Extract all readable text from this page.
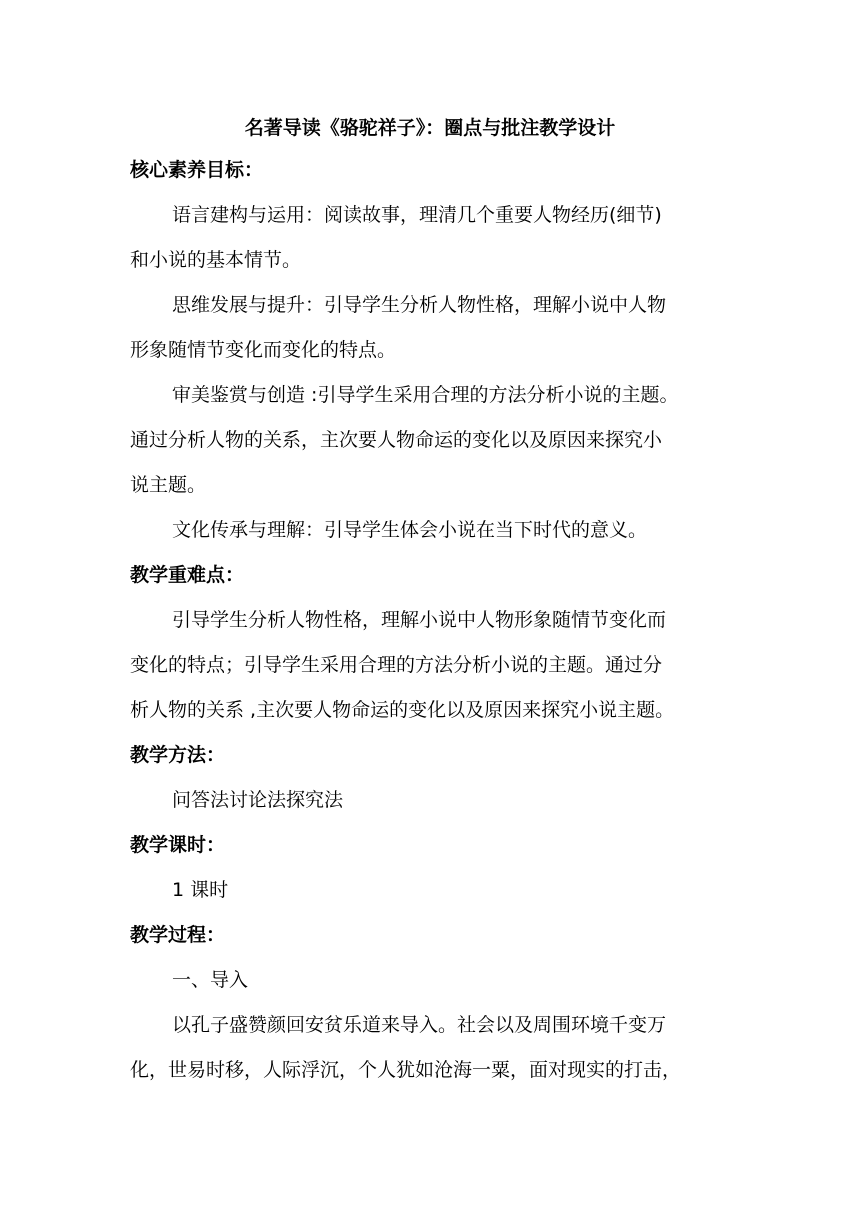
名著导读《骆驼祥子》：圈点与批注教学设计
核心素养目标：
语言建构与运用：阅读故事，理清几个重要人物经历(细节)
和小说的基本情节。
思维发展与提升：引导学生分析人物性格，理解小说中人物
形象随情节变化而变化的特点。
审美鉴赏与创造 :引导学生采用合理的方法分析小说的主题。
通过分析人物的关系，主次要人物命运的变化以及原因来探究小
说主题。
文化传承与理解：引导学生体会小说在当下时代的意义。
教学重难点：
引导学生分析人物性格，理解小说中人物形象随情节变化而
变化的特点；引导学生采用合理的方法分析小说的主题。通过分
析人物的关系 ,主次要人物命运的变化以及原因来探究小说主题。
教学方法：
问答法讨论法探究法
教学课时：
1 课时
教学过程：
一、导入
以孔子盛赞颜回安贫乐道来导入。社会以及周围环境千变万
化，世易时移，人际浮沉，个人犹如沧海一粟，面对现实的打击，
